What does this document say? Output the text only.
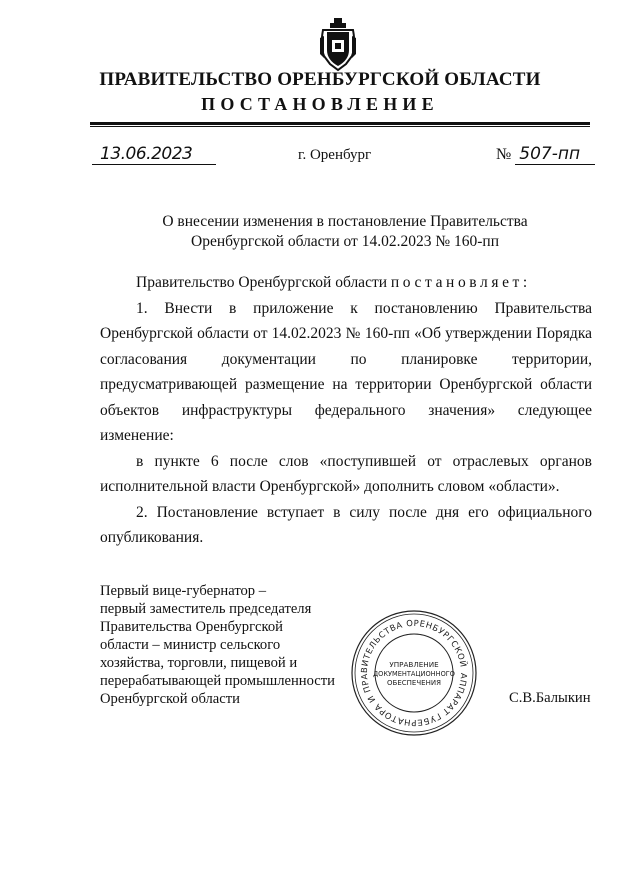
ПРАВИТЕЛЬСТВО ОРЕНБУРГСКОЙ ОБЛАСТИ
ПОСТАНОВЛЕНИЕ
13.06.2023	г. Оренбург	№ 507-пп
О внесении изменения в постановление Правительства
Оренбургской области от 14.02.2023 № 160-пп

Правительство Оренбургской области постановляет:

1. Внести в приложение к постановлению Правительства Оренбургской области от 14.02.2023 № 160-пп «Об утверждении Порядка согласования документации по планировке территории, предусматривающей размещение на территории Оренбургской области объектов инфраструктуры федерального значения» следующее изменение:

в пункте 6 после слов «поступившей от отраслевых органов исполнительной власти Оренбургской» дополнить словом «области».

2. Постановление вступает в силу после дня его официального опубликования.

Первый вице-губернатор –
первый заместитель председателя
Правительства Оренбургской
области – министр сельского
хозяйства, торговли, пищевой и
перерабатывающей промышленности
Оренбургской области
АППАРАТ ГУБЕРНАТОРА И ПРАВИТЕЛЬСТВА ОРЕНБУРГСКОЙ
УПРАВЛЕНИЕ
ДОКУМЕНТАЦИОННОГО
ОБЕСПЕЧЕНИЯ
С.В.Балыкин
